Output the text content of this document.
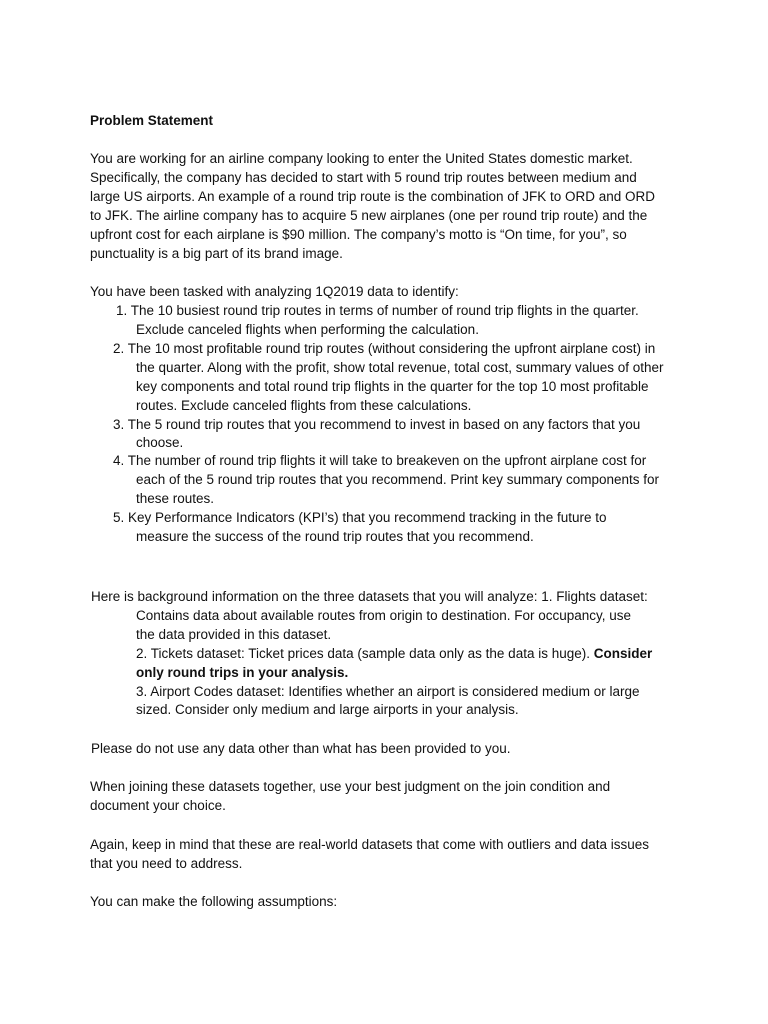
Problem Statement
You are working for an airline company looking to enter the United States domestic market.
Specifically, the company has decided to start with 5 round trip routes between medium and
large US airports. An example of a round trip route is the combination of JFK to ORD and ORD
to JFK. The airline company has to acquire 5 new airplanes (one per round trip route) and the
upfront cost for each airplane is $90 million. The company’s motto is “On time, for you”, so
punctuality is a big part of its brand image.
You have been tasked with analyzing 1Q2019 data to identify:
1. The 10 busiest round trip routes in terms of number of round trip flights in the quarter.
Exclude canceled flights when performing the calculation.
2. The 10 most profitable round trip routes (without considering the upfront airplane cost) in
the quarter. Along with the profit, show total revenue, total cost, summary values of other
key components and total round trip flights in the quarter for the top 10 most profitable
routes. Exclude canceled flights from these calculations.
3. The 5 round trip routes that you recommend to invest in based on any factors that you
choose.
4. The number of round trip flights it will take to breakeven on the upfront airplane cost for
each of the 5 round trip routes that you recommend. Print key summary components for
these routes.
5. Key Performance Indicators (KPI’s) that you recommend tracking in the future to
measure the success of the round trip routes that you recommend.
Here is background information on the three datasets that you will analyze: 1. Flights dataset:
Contains data about available routes from origin to destination. For occupancy, use
the data provided in this dataset.
2. Tickets dataset: Ticket prices data (sample data only as the data is huge). Consider
only round trips in your analysis.
3. Airport Codes dataset: Identifies whether an airport is considered medium or large
sized. Consider only medium and large airports in your analysis.
Please do not use any data other than what has been provided to you.
When joining these datasets together, use your best judgment on the join condition and
document your choice.
Again, keep in mind that these are real-world datasets that come with outliers and data issues
that you need to address.
You can make the following assumptions:
